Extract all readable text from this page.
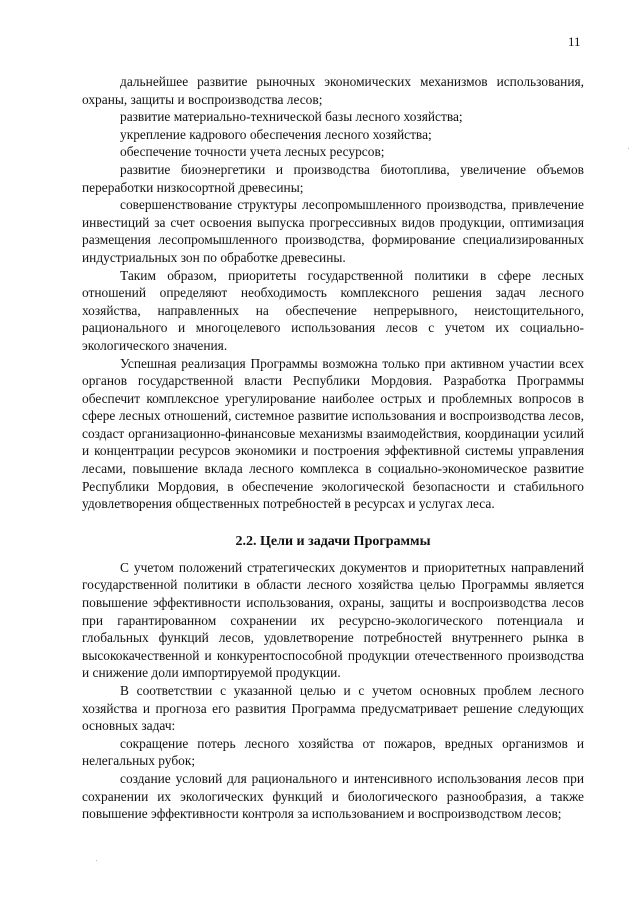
11

дальнейшее развитие рыночных экономических механизмов использования, охраны, защиты и воспроизводства лесов;

развитие материально-технической базы лесного хозяйства;

укрепление кадрового обеспечения лесного хозяйства;

обеспечение точности учета лесных ресурсов;

развитие биоэнергетики и производства биотоплива, увеличение объемов переработки низкосортной древесины;

совершенствование структуры лесопромышленного производства, привлечение инвестиций за счет освоения выпуска прогрессивных видов продукции, оптимизация размещения лесопромышленного производства, формирование специализированных индустриальных зон по обработке древесины.

Таким образом, приоритеты государственной политики в сфере лесных отношений определяют необходимость комплексного решения задач лесного хозяйства, направленных на обеспечение непрерывного, неистощительного, рационального и многоцелевого использования лесов с учетом их социально-экологического значения.

Успешная реализация Программы возможна только при активном участии всех органов государственной власти Республики Мордовия. Разработка Программы обеспечит комплексное урегулирование наиболее острых и проблемных вопросов в сфере лесных отношений, системное развитие использования и воспроизводства лесов, создаст организационно-финансовые механизмы взаимодействия, координации усилий и концентрации ресурсов экономики и построения эффективной системы управления лесами, повышение вклада лесного комплекса в социально-экономическое развитие Республики Мордовия, в обеспечение экологической безопасности и стабильного удовлетворения общественных потребностей в ресурсах и услугах леса.

2.2. Цели и задачи Программы

С учетом положений стратегических документов и приоритетных направлений государственной политики в области лесного хозяйства целью Программы является повышение эффективности использования, охраны, защиты и воспроизводства лесов при гарантированном сохранении их ресурсно-экологического потенциала и глобальных функций лесов, удовлетворение потребностей внутреннего рынка в высококачественной и конкурентоспособной продукции отечественного производства и снижение доли импортируемой продукции.

В соответствии с указанной целью и с учетом основных проблем лесного хозяйства и прогноза его развития Программа предусматривает решение следующих основных задач:

сокращение потерь лесного хозяйства от пожаров, вредных организмов и нелегальных рубок;

создание условий для рационального и интенсивного использования лесов при сохранении их экологических функций и биологического разнообразия, а также повышение эффективности контроля за использованием и воспроизводством лесов;
